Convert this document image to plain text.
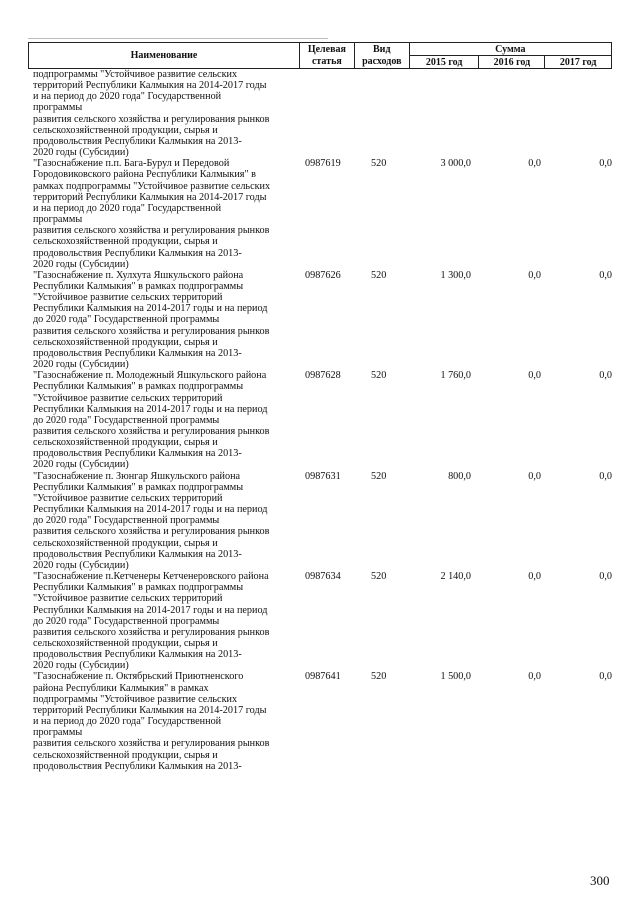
Наименование	Целевая	Вид	Сумма		
	статья	расходов	2015 год	2016 год	2017 год
подпрограммы "Устойчивое развитие сельских
территорий Республики Калмыкия на 2014-2017 годы
и на период до 2020 года" Государственной
программы
развития сельского хозяйства и регулирования рынков
сельскохозяйственной продукции, сырья и
продовольствия Республики Калмыкия на 2013-
2020 годы (Субсидии)
"Газоснабжение п.п. Бага-Бурул и Передовой
Городовиковского района Республики Калмыкия" в
рамках подпрограммы "Устойчивое развитие сельских
территорий Республики Калмыкия на 2014-2017 годы
и на период до 2020 года" Государственной
программы
развития сельского хозяйства и регулирования рынков
сельскохозяйственной продукции, сырья и
продовольствия Республики Калмыкия на 2013-
2020 годы (Субсидии)
0987619	520	3 000,0	0,0	0,0
"Газоснабжение п. Хулхута Яшкульского района
Республики Калмыкия" в рамках подпрограммы
"Устойчивое развитие сельских территорий
Республики Калмыкия на 2014-2017 годы и на период
до 2020 года" Государственной программы
развития сельского хозяйства и регулирования рынков
сельскохозяйственной продукции, сырья и
продовольствия Республики Калмыкия на 2013-
2020 годы (Субсидии)
0987626	520	1 300,0	0,0	0,0
"Газоснабжение п. Молодежный Яшкульского района
Республики Калмыкия" в рамках подпрограммы
"Устойчивое развитие сельских территорий
Республики Калмыкия на 2014-2017 годы и на период
до 2020 года" Государственной программы
развития сельского хозяйства и регулирования рынков
сельскохозяйственной продукции, сырья и
продовольствия Республики Калмыкия на 2013-
2020 годы (Субсидии)
0987628	520	1 760,0	0,0	0,0
"Газоснабжение п. Зюнгар Яшкульского района
Республики Калмыкия" в рамках подпрограммы
"Устойчивое развитие сельских территорий
Республики Калмыкия на 2014-2017 годы и на период
до 2020 года" Государственной программы
развития сельского хозяйства и регулирования рынков
сельскохозяйственной продукции, сырья и
продовольствия Республики Калмыкия на 2013-
2020 годы (Субсидии)
0987631	520	800,0	0,0	0,0
"Газоснабжение п.Кетченеры Кетченеровского района
Республики Калмыкия" в рамках подпрограммы
"Устойчивое развитие сельских территорий
Республики Калмыкия на 2014-2017 годы и на период
до 2020 года" Государственной программы
развития сельского хозяйства и регулирования рынков
сельскохозяйственной продукции, сырья и
продовольствия Республики Калмыкия на 2013-
2020 годы (Субсидии)
0987634	520	2 140,0	0,0	0,0
"Газоснабжение п. Октябрьский Приютненского
района Республики Калмыкия" в рамках
подпрограммы "Устойчивое развитие сельских
территорий Республики Калмыкия на 2014-2017 годы
и на период до 2020 года" Государственной
программы
развития сельского хозяйства и регулирования рынков
сельскохозяйственной продукции, сырья и
продовольствия Республики Калмыкия на 2013-
0987641	520	1 500,0	0,0	0,0
300
